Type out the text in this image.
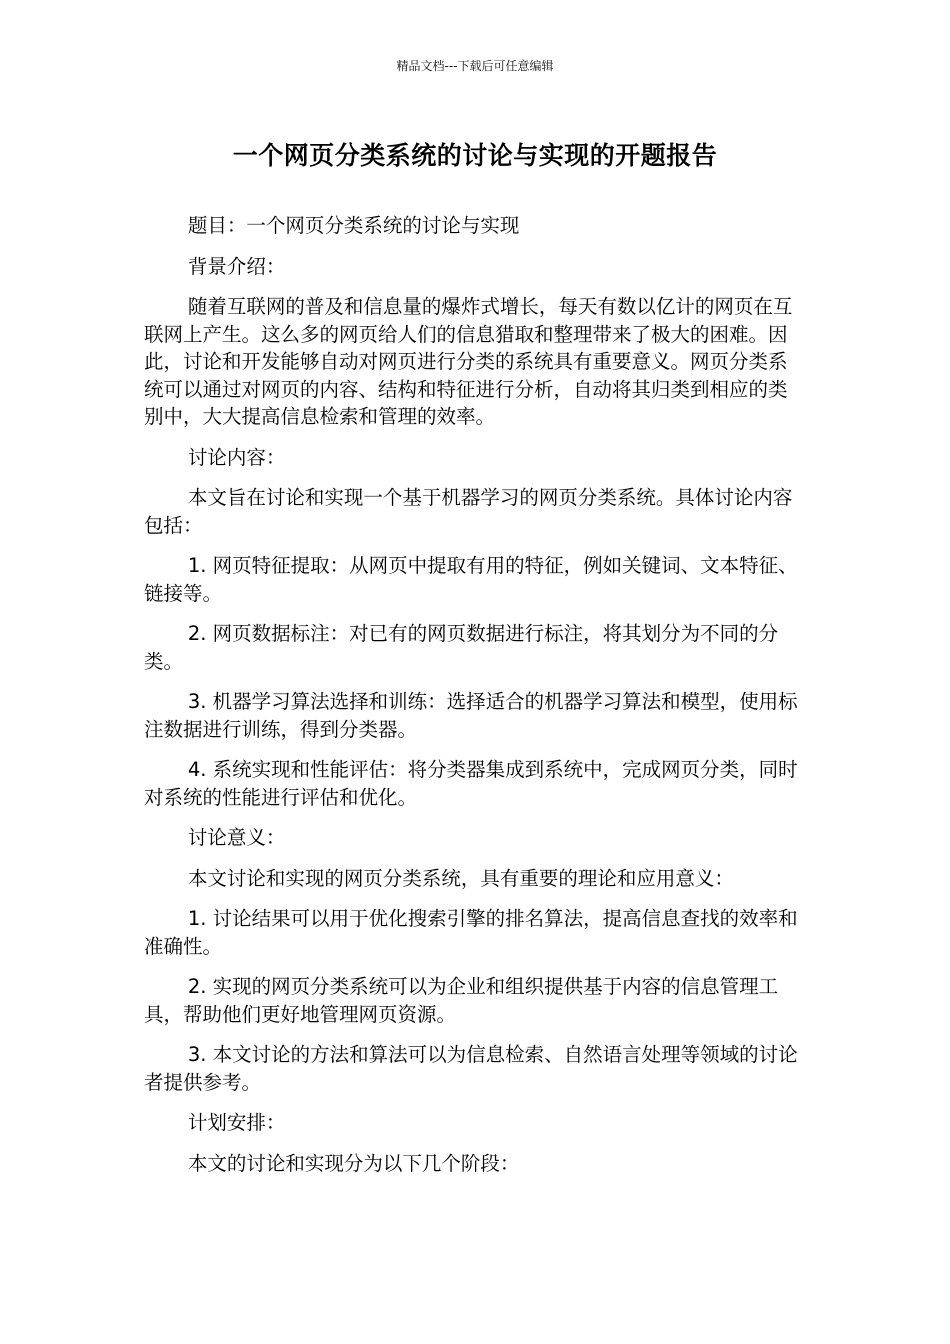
精品文档---下载后可任意编辑
一个网页分类系统的讨论与实现的开题报告

题目：一个网页分类系统的讨论与实现

背景介绍：

随着互联网的普及和信息量的爆炸式增长，每天有数以亿计的网页在互联网上产生。这么多的网页给人们的信息猎取和整理带来了极大的困难。因此，讨论和开发能够自动对网页进行分类的系统具有重要意义。网页分类系统可以通过对网页的内容、结构和特征进行分析，自动将其归类到相应的类别中，大大提高信息检索和管理的效率。

讨论内容：

本文旨在讨论和实现一个基于机器学习的网页分类系统。具体讨论内容包括：

1. 网页特征提取：从网页中提取有用的特征，例如关键词、文本特征、链接等。

2. 网页数据标注：对已有的网页数据进行标注，将其划分为不同的分类。

3. 机器学习算法选择和训练：选择适合的机器学习算法和模型，使用标注数据进行训练，得到分类器。

4. 系统实现和性能评估：将分类器集成到系统中，完成网页分类，同时对系统的性能进行评估和优化。

讨论意义：

本文讨论和实现的网页分类系统，具有重要的理论和应用意义：

1. 讨论结果可以用于优化搜索引擎的排名算法，提高信息查找的效率和准确性。

2. 实现的网页分类系统可以为企业和组织提供基于内容的信息管理工具，帮助他们更好地管理网页资源。

3. 本文讨论的方法和算法可以为信息检索、自然语言处理等领域的讨论者提供参考。

计划安排：

本文的讨论和实现分为以下几个阶段：
